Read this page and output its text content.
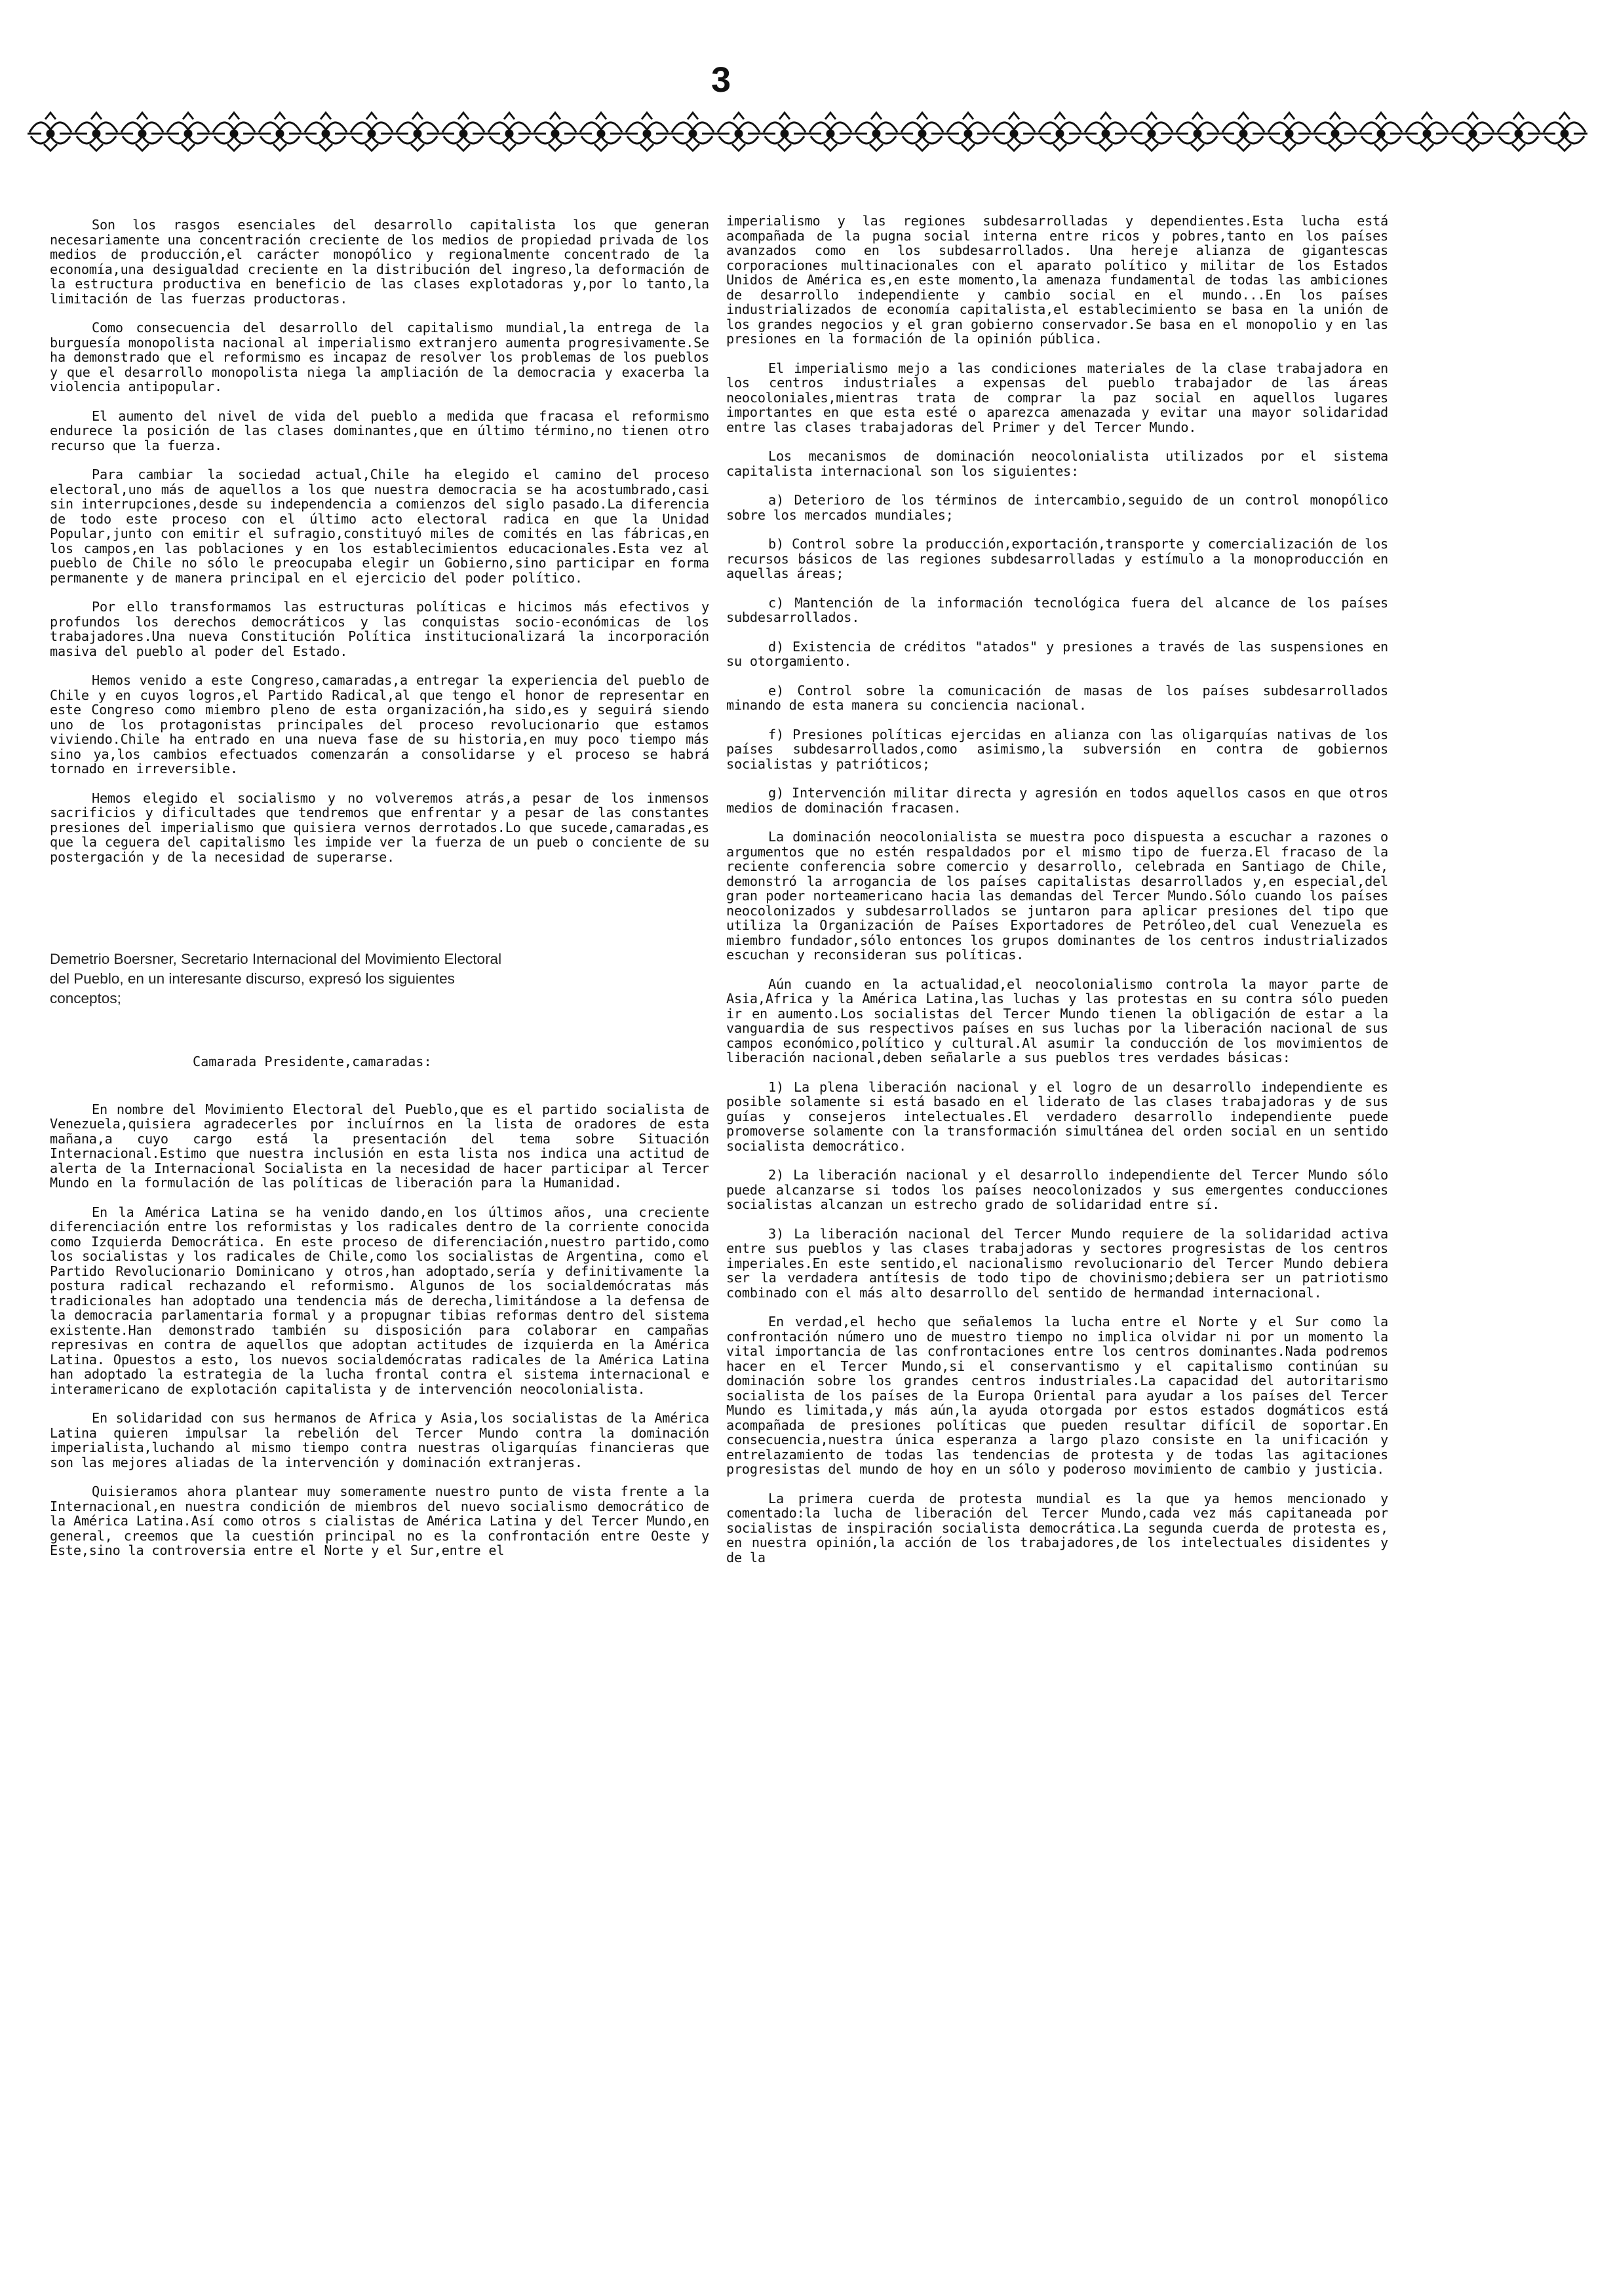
3

Son los rasgos esenciales del desarrollo capitalista los que generan necesariamente una concentración creciente de los medios de propiedad privada de los medios de producción,el carácter monopólico y regionalmente concentrado de la economía,una desigualdad creciente en la distribución del ingreso,la deformación de la estructura productiva en beneficio de las clases explotadoras y,por lo tanto,la limitación de las fuerzas productoras.

Como consecuencia del desarrollo del capitalismo mundial,la entrega de la burguesía monopolista nacional al imperialismo extranjero aumenta progresivamente.Se ha demonstrado que el reformismo es incapaz de resolver los problemas de los pueblos y que el desarrollo monopolista niega la ampliación de la democracia y exacerba la violencia antipopular.

El aumento del nivel de vida del pueblo a medida que fracasa el reformismo endurece la posición de las clases dominantes,que en último término,no tienen otro recurso que la fuerza.

Para cambiar la sociedad actual,Chile ha elegido el camino del proceso electoral,uno más de aquellos a los que nuestra democracia se ha acostumbrado,casi sin interrupciones,desde su independencia a comienzos del siglo pasado.La diferencia de todo este proceso con el último acto electoral radica en que la Unidad Popular,junto con emitir el sufragio,constituyó miles de comités en las fábricas,en los campos,en las poblaciones y en los establecimientos educacionales.Esta vez al pueblo de Chile no sólo le preocupaba elegir un Gobierno,sino participar en forma permanente y de manera principal en el ejercicio del poder político.

Por ello transformamos las estructuras políticas e hicimos más efectivos y profundos los derechos democráticos y las conquistas socio-económicas de los trabajadores.Una nueva Constitución Política institucionalizará la incorporación masiva del pueblo al poder del Estado.

Hemos venido a este Congreso,camaradas,a entregar la experiencia del pueblo de Chile y en cuyos logros,el Partido Radical,al que tengo el honor de representar en este Congreso como miembro pleno de esta organización,ha sido,es y seguirá siendo uno de los protagonistas principales del proceso revolucionario que estamos viviendo.Chile ha entrado en una nueva fase de su historia,en muy poco tiempo más sino ya,los cambios efectuados comenzarán a consolidarse y el proceso se habrá tornado en irreversible.

Hemos elegido el socialismo y no volveremos atrás,a pesar de los inmensos sacrificios y dificultades que tendremos que enfrentar y a pesar de las constantes presiones del imperialismo que quisiera vernos derrotados.Lo que sucede,camaradas,es que la ceguera del capitalismo les impide ver la fuerza de un pueb o conciente de su postergación y de la necesidad de superarse.

Demetrio Boersner, Secretario Internacional del Movimiento Electoral del Pueblo, en un interesante discurso, expresó los siguientes conceptos;

Camarada Presidente,camaradas:

En nombre del Movimiento Electoral del Pueblo,que es el partido socialista de Venezuela,quisiera agradecerles por incluírnos en la lista de oradores de esta mañana,a cuyo cargo está la presentación del tema sobre Situación Internacional.Estimo que nuestra inclusión en esta lista nos indica una actitud de alerta de la Internacional Socialista en la necesidad de hacer participar al Tercer Mundo en la formulación de las políticas de liberación para la Humanidad.

En la América Latina se ha venido dando,en los últimos años, una creciente diferenciación entre los reformistas y los radicales dentro de la corriente conocida como Izquierda Democrática. En este proceso de diferenciación,nuestro partido,como los socialistas y los radicales de Chile,como los socialistas de Argentina, como el Partido Revolucionario Dominicano y otros,han adoptado,sería y definitivamente la postura radical rechazando el reformismo. Algunos de los socialdemócratas más tradicionales han adoptado una tendencia más de derecha,limitándose a la defensa de la democracia parlamentaria formal y a propugnar tibias reformas dentro del sistema existente.Han demonstrado también su disposición para colaborar en campañas represivas en contra de aquellos que adoptan actitudes de izquierda en la América Latina. Opuestos a esto, los nuevos socialdemócratas radicales de la América Latina han adoptado la estrategia de la lucha frontal contra el sistema internacional e interamericano de explotación capitalista y de intervención neocolonialista.

En solidaridad con sus hermanos de Africa y Asia,los socialistas de la América Latina quieren impulsar la rebelión del Tercer Mundo contra la dominación imperialista,luchando al mismo tiempo contra nuestras oligarquías financieras que son las mejores aliadas de la intervención y dominación extranjeras.

Quisieramos ahora plantear muy someramente nuestro punto de vista frente a la Internacional,en nuestra condición de miembros del nuevo socialismo democrático de la América Latina.Así como otros s cialistas de América Latina y del Tercer Mundo,en general, creemos que la cuestión principal no es la confrontación entre Oeste y Este,sino la controversia entre el Norte y el Sur,entre el

imperialismo y las regiones subdesarrolladas y dependientes.Esta lucha está acompañada de la pugna social interna entre ricos y pobres,tanto en los países avanzados como en los subdesarrollados. Una hereje alianza de gigantescas corporaciones multinacionales con el aparato político y militar de los Estados Unidos de América es,en este momento,la amenaza fundamental de todas las ambiciones de desarrollo independiente y cambio social en el mundo...En los países industrializados de economía capitalista,el establecimiento se basa en la unión de los grandes negocios y el gran gobierno conservador.Se basa en el monopolio y en las presiones en la formación de la opinión pública.

El imperialismo mejo a las condiciones materiales de la clase trabajadora en los centros industriales a expensas del pueblo trabajador de las áreas neocoloniales,mientras trata de comprar la paz social en aquellos lugares importantes en que esta esté o aparezca amenazada y evitar una mayor solidaridad entre las clases trabajadoras del Primer y del Tercer Mundo.

Los mecanismos de dominación neocolonialista utilizados por el sistema capitalista internacional son los siguientes:

a) Deterioro de los términos de intercambio,seguido de un control monopólico sobre los mercados mundiales;

b) Control sobre la producción,exportación,transporte y comercialización de los recursos básicos de las regiones subdesarrolladas y estímulo a la monoproducción en aquellas áreas;

c) Mantención de la información tecnológica fuera del alcance de los países subdesarrollados.

d) Existencia de créditos "atados" y presiones a través de las suspensiones en su otorgamiento.

e) Control sobre la comunicación de masas de los países subdesarrollados minando de esta manera su conciencia nacional.

f) Presiones políticas ejercidas en alianza con las oligarquías nativas de los países subdesarrollados,como asimismo,la subversión en contra de gobiernos socialistas y patrióticos;

g) Intervención militar directa y agresión en todos aquellos casos en que otros medios de dominación fracasen.

La dominación neocolonialista se muestra poco dispuesta a escuchar a razones o argumentos que no estén respaldados por el mismo tipo de fuerza.El fracaso de la reciente conferencia sobre comercio y desarrollo, celebrada en Santiago de Chile, demonstró la arrogancia de los países capitalistas desarrollados y,en especial,del gran poder norteamericano hacia las demandas del Tercer Mundo.Sólo cuando los países neocolonizados y subdesarrollados se juntaron para aplicar presiones del tipo que utiliza la Organización de Países Exportadores de Petróleo,del cual Venezuela es miembro fundador,sólo entonces los grupos dominantes de los centros industrializados escuchan y reconsideran sus políticas.

Aún cuando en la actualidad,el neocolonialismo controla la mayor parte de Asia,Africa y la América Latina,las luchas y las protestas en su contra sólo pueden ir en aumento.Los socialistas del Tercer Mundo tienen la obligación de estar a la vanguardia de sus respectivos países en sus luchas por la liberación nacional de sus campos económico,político y cultural.Al asumir la conducción de los movimientos de liberación nacional,deben señalarle a sus pueblos tres verdades básicas:

1) La plena liberación nacional y el logro de un desarrollo independiente es posible solamente si está basado en el liderato de las clases trabajadoras y de sus guías y consejeros intelectuales.El verdadero desarrollo independiente puede promoverse solamente con la transformación simultánea del orden social en un sentido socialista democrático.

2) La liberación nacional y el desarrollo independiente del Tercer Mundo sólo puede alcanzarse si todos los países neocolonizados y sus emergentes conducciones socialistas alcanzan un estrecho grado de solidaridad entre sí.

3) La liberación nacional del Tercer Mundo requiere de la solidaridad activa entre sus pueblos y las clases trabajadoras y sectores progresistas de los centros imperiales.En este sentido,el nacionalismo revolucionario del Tercer Mundo debiera ser la verdadera antítesis de todo tipo de chovinismo;debiera ser un patriotismo combinado con el más alto desarrollo del sentido de hermandad internacional.

En verdad,el hecho que señalemos la lucha entre el Norte y el Sur como la confrontación número uno de muestro tiempo no implica olvidar ni por un momento la vital importancia de las confrontaciones entre los centros dominantes.Nada podremos hacer en el Tercer Mundo,si el conservantismo y el capitalismo continúan su dominación sobre los grandes centros industriales.La capacidad del autoritarismo socialista de los países de la Europa Oriental para ayudar a los países del Tercer Mundo es limitada,y más aún,la ayuda otorgada por estos estados dogmáticos está acompañada de presiones políticas que pueden resultar difícil de soportar.En consecuencia,nuestra única esperanza a largo plazo consiste en la unificación y entrelazamiento de todas las tendencias de protesta y de todas las agitaciones progresistas del mundo de hoy en un sólo y poderoso movimiento de cambio y justicia.

La primera cuerda de protesta mundial es la que ya hemos mencionado y comentado:la lucha de liberación del Tercer Mundo,cada vez más capitaneada por socialistas de inspiración socialista democrática.La segunda cuerda de protesta es, en nuestra opinión,la acción de los trabajadores,de los intelectuales disidentes y de la
